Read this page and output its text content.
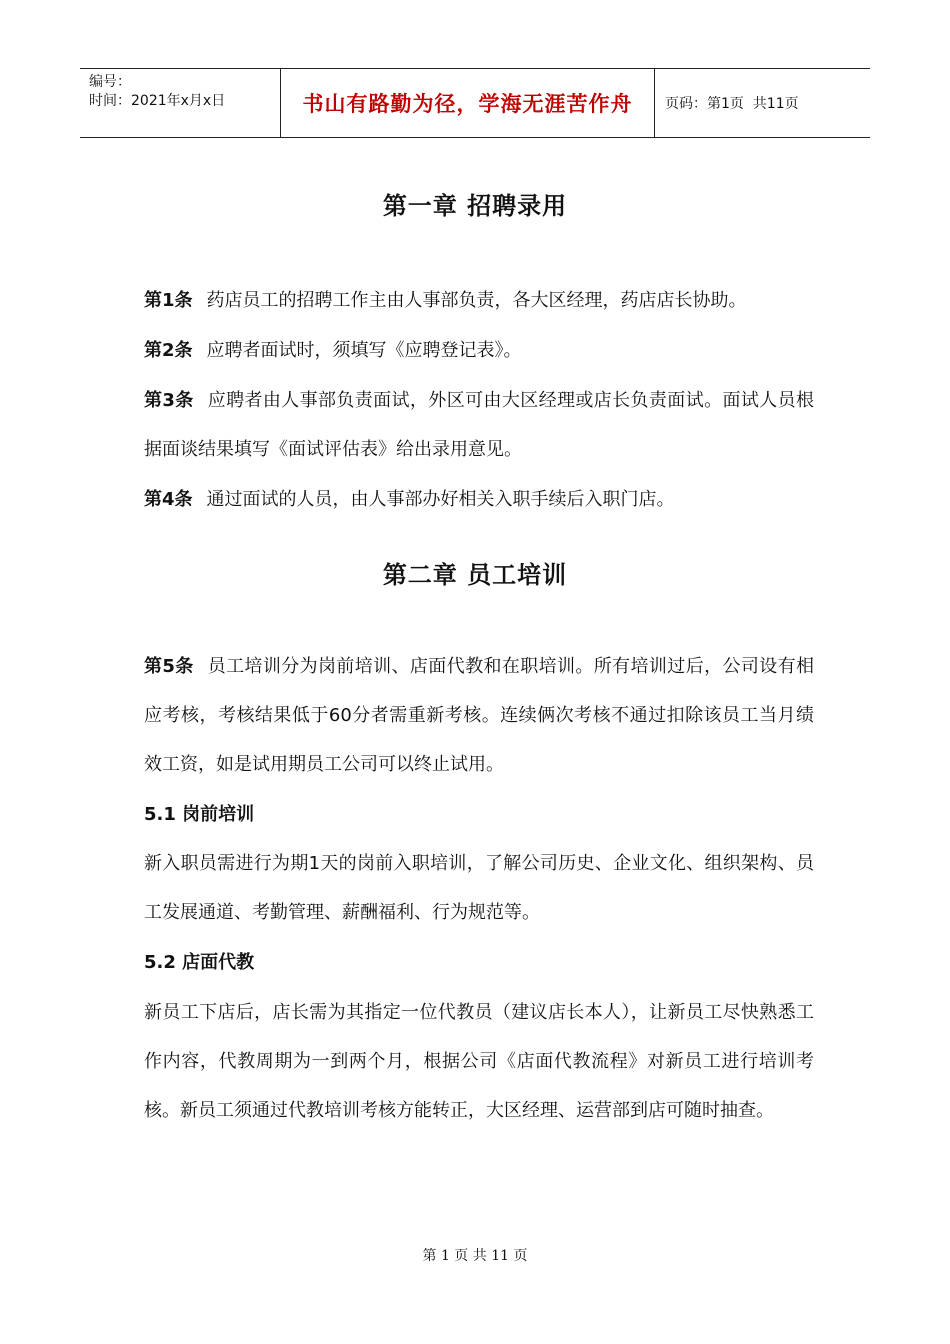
编号：
时间：2021年x月x日	书山有路勤为径，学海无涯苦作舟 页码：第1页  共11页
第一章 招聘录用
第1条 药店员工的招聘工作主由人事部负责，各大区经理，药店店长协助。
第2条 应聘者面试时，须填写《应聘登记表》。
第3条 应聘者由人事部负责面试，外区可由大区经理或店长负责面试。面试人员根据面谈结果填写《面试评估表》给出录用意见。
第4条 通过面试的人员，由人事部办好相关入职手续后入职门店。
第二章 员工培训
第5条 员工培训分为岗前培训、店面代教和在职培训。所有培训过后，公司设有相应考核，考核结果低于60分者需重新考核。连续俩次考核不通过扣除该员工当月绩效工资，如是试用期员工公司可以终止试用。
5.1 岗前培训
新入职员需进行为期1天的岗前入职培训，了解公司历史、企业文化、组织架构、员工发展通道、考勤管理、薪酬福利、行为规范等。
5.2 店面代教
新员工下店后，店长需为其指定一位代教员（建议店长本人），让新员工尽快熟悉工作内容，代教周期为一到两个月，根据公司《店面代教流程》对新员工进行培训考核。新员工须通过代教培训考核方能转正，大区经理、运营部到店可随时抽查。
第 1 页 共 11 页
